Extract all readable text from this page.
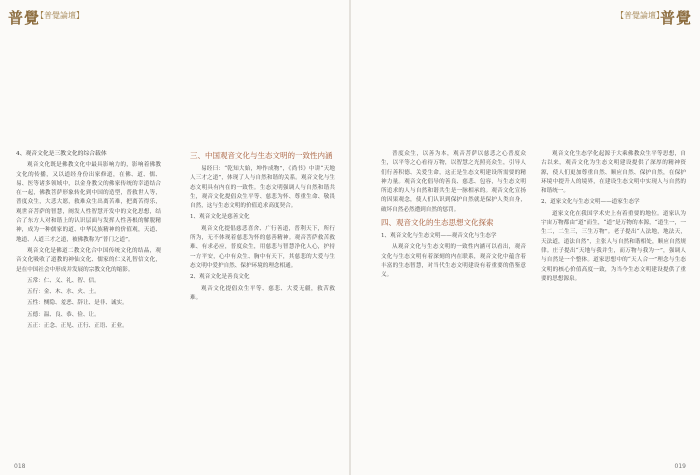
普覺
【普覺論壇】
4、观音文化是三教文化的综合载体

观音文化既是佛教文化中最具影响力的，影响着佛教文化的传播，又以道经身份出家修道，在佛、道、儒、易、医等诸多领域中，以金身教父的佛家传统的幸道结合在一起，佛教菩萨形象转化到中国的造型，普救世人等，普度众生，大悲大愿，救难众生出离苦难，把离苦得乐，观世音菩萨的智慧，阐发人性智慧开发中的文化思想，结合了东方人对和谐上的认识层面与发挥人性善根的解脱精神，成为一种儒家的道、中华民族精神的价值观，天道、地道、人道三才之道，被佛教称为“普门之道”。

观音文化是佛道二教文化合中国传统文化的结晶，观音文化吸收了道教的神仙文化、儒家的仁义礼智信文化，是在中国社会中形成并发展的宗教文化的缩影。

五常：仁、义、礼、智、信。

五行：金、木、水、火、土。

五性：恻隐、羞恶、辞让、是非、诚实。

五德：温、良、恭、俭、让。

五正：正念、正见、正行、正语、正业。

三、中国观音文化与生态文明的一致性内涵

易经曰：“乾知大始，坤作成物”，《尚书》中讲“天地人三才之道”，体现了人与自然和谐的关系。观音文化与生态文明具有内在的一致性。生态文明强调人与自然和谐共生，观音文化提倡众生平等、慈悲为怀、尊重生命、敬畏自然，这与生态文明的价值追求高度契合。

1、观音文化是慈善文化

观音文化提倡慈悲喜舍、广行善道，普利天下，所行所为，无不体现着慈悲为怀的慈善精神。观音菩萨救苦救难、有求必应，普度众生，用慈悲与智慧净化人心，护持一方平安，心中有众生、胸中有天下，其慈悲的大爱与生态文明中爱护自然、保护环境的理念相通。

2、观音文化是善良文化

观音文化提倡众生平等、慈悲、大爱无疆，救苦救难。

018
【普覺論壇】
普覺

普度众生，以善为本，观音菩萨以慈悲之心普度众生，以平等之心看待万物，以智慧之光照亮众生，引导人们行善积德、关爱生命，这正是生态文明建设所需要的精神力量。观音文化倡导的善良、慈悲、包容，与生态文明所追求的人与自然和谐共生是一脉相承的。观音文化宣扬的因果观念，使人们认识到保护自然就是保护人类自身，破坏自然必然遭到自然的惩罚。

四、观音文化的生态思想文化探索

1、观音文化与生态文明——观音文化与生态学

从观音文化与生态文明的一致性内涵可以看出，观音文化与生态文明有着深刻的内在联系，观音文化中蕴含着丰富的生态智慧，对当代生态文明建设有着重要的借鉴意义。

观音文化生态学化起源于大乘佛教众生平等思想，自古以来，观音文化为生态文明建设提供了深厚的精神资源，使人们更加尊重自然、顺应自然、保护自然，在保护环境中提升人的境界，在建设生态文明中实现人与自然的和谐统一。

2、道家文化与生态文明——道家生态学

道家文化在我国学术史上有着重要的地位。道家认为宇宙万物都由“道”而生，“道”是万物的本源，“道生一，一生二，二生三，三生万物”。老子提出“人法地，地法天，天法道，道法自然”，主张人与自然和谐相处，顺应自然规律。庄子提出“天地与我并生，而万物与我为一”，强调人与自然是一个整体。道家思想中的“天人合一”理念与生态文明的核心价值高度一致，为当今生态文明建设提供了重要的思想源泉。

019
